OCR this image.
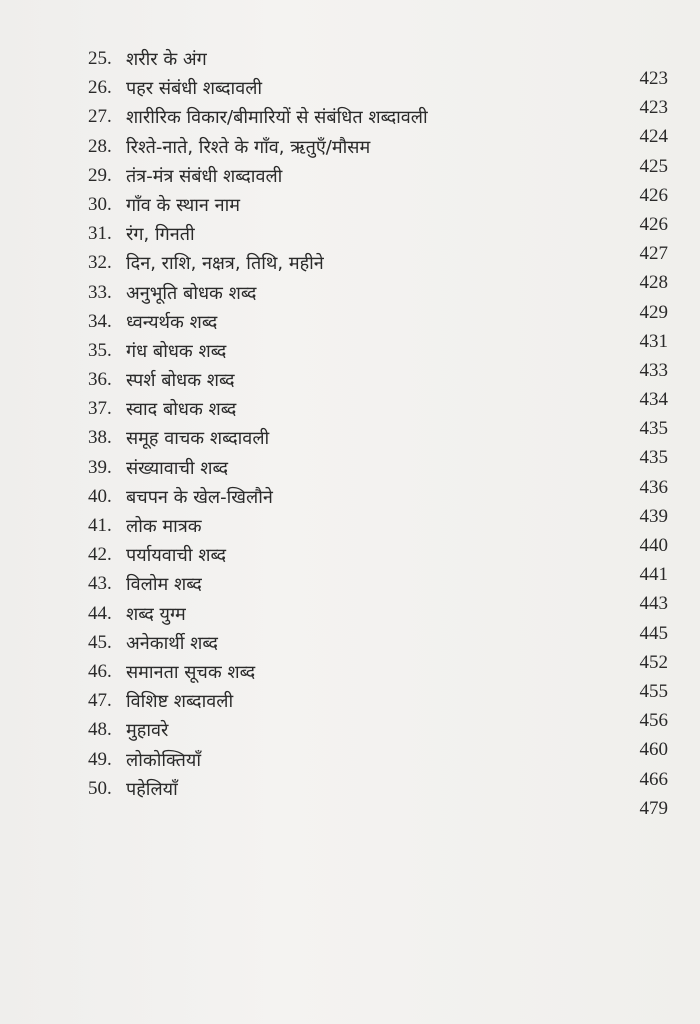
25. शरीर के अंग
423
26. पहर संबंधी शब्दावली
423
27. शारीरिक विकार/बीमारियों से संबंधित शब्दावली
424
28. रिश्ते-नाते, रिश्ते के गाँव, ऋतुएँ/मौसम
425
29. तंत्र-मंत्र संबंधी शब्दावली
426
30. गाँव के स्थान नाम
426
31. रंग, गिनती
427
32. दिन, राशि, नक्षत्र, तिथि, महीने
428
33. अनुभूति बोधक शब्द
429
34. ध्वन्यर्थक शब्द
431
35. गंध बोधक शब्द
433
36. स्पर्श बोधक शब्द
434
37. स्वाद बोधक शब्द
435
38. समूह वाचक शब्दावली
435
39. संख्यावाची शब्द
436
40. बचपन के खेल-खिलौने
439
41. लोक मात्रक
440
42. पर्यायवाची शब्द
441
43. विलोम शब्द
443
44. शब्द युग्म
445
45. अनेकार्थी शब्द
452
46. समानता सूचक शब्द
455
47. विशिष्ट शब्दावली
456
48. मुहावरे
460
49. लोकोक्तियाँ
466
50. पहेलियाँ
479
